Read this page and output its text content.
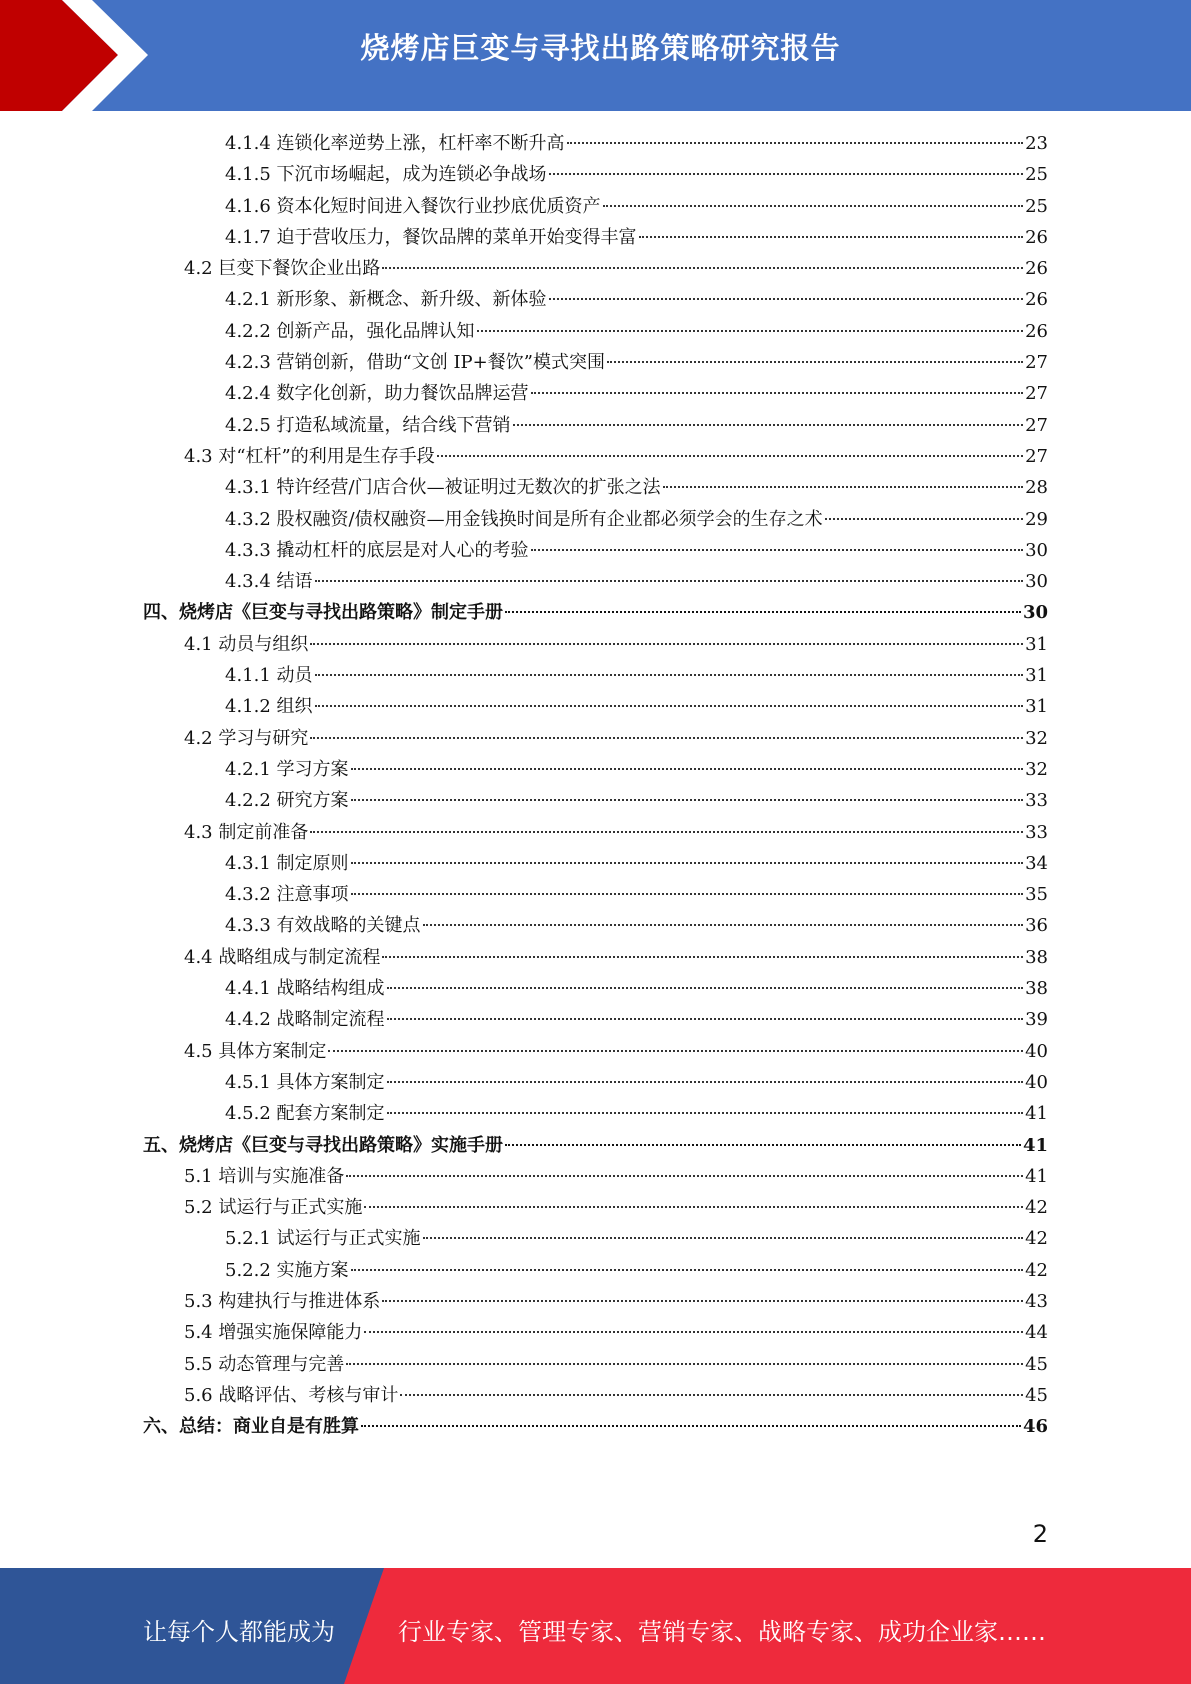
烧烤店巨变与寻找出路策略研究报告
4.1.4 连锁化率逆势上涨，杠杆率不断升高	23
4.1.5 下沉市场崛起，成为连锁必争战场	25
4.1.6 资本化短时间进入餐饮行业抄底优质资产	25
4.1.7 迫于营收压力，餐饮品牌的菜单开始变得丰富	26
4.2 巨变下餐饮企业出路	26
4.2.1 新形象、新概念、新升级、新体验	26
4.2.2 创新产品，强化品牌认知	26
4.2.3 营销创新，借助“文创 IP+餐饮”模式突围	27
4.2.4 数字化创新，助力餐饮品牌运营	27
4.2.5 打造私域流量，结合线下营销	27
4.3 对“杠杆”的利用是生存手段	27
4.3.1 特许经营/门店合伙—被证明过无数次的扩张之法	28
4.3.2 股权融资/债权融资—用金钱换时间是所有企业都必须学会的生存之术	29
4.3.3 撬动杠杆的底层是对人心的考验	30
4.3.4 结语	30
四、烧烤店《巨变与寻找出路策略》制定手册	30
4.1 动员与组织	31
4.1.1 动员	31
4.1.2 组织	31
4.2 学习与研究	32
4.2.1 学习方案	32
4.2.2 研究方案	33
4.3 制定前准备	33
4.3.1 制定原则	34
4.3.2 注意事项	35
4.3.3 有效战略的关键点	36
4.4 战略组成与制定流程	38
4.4.1 战略结构组成	38
4.4.2 战略制定流程	39
4.5 具体方案制定	40
4.5.1 具体方案制定	40
4.5.2 配套方案制定	41
五、烧烤店《巨变与寻找出路策略》实施手册	41
5.1 培训与实施准备	41
5.2 试运行与正式实施	42
5.2.1 试运行与正式实施	42
5.2.2 实施方案	42
5.3 构建执行与推进体系	43
5.4 增强实施保障能力	44
5.5 动态管理与完善	45
5.6 战略评估、考核与审计	45
六、总结：商业自是有胜算	46
2
让每个人都能成为	行业专家、管理专家、营销专家、战略专家、成功企业家……
